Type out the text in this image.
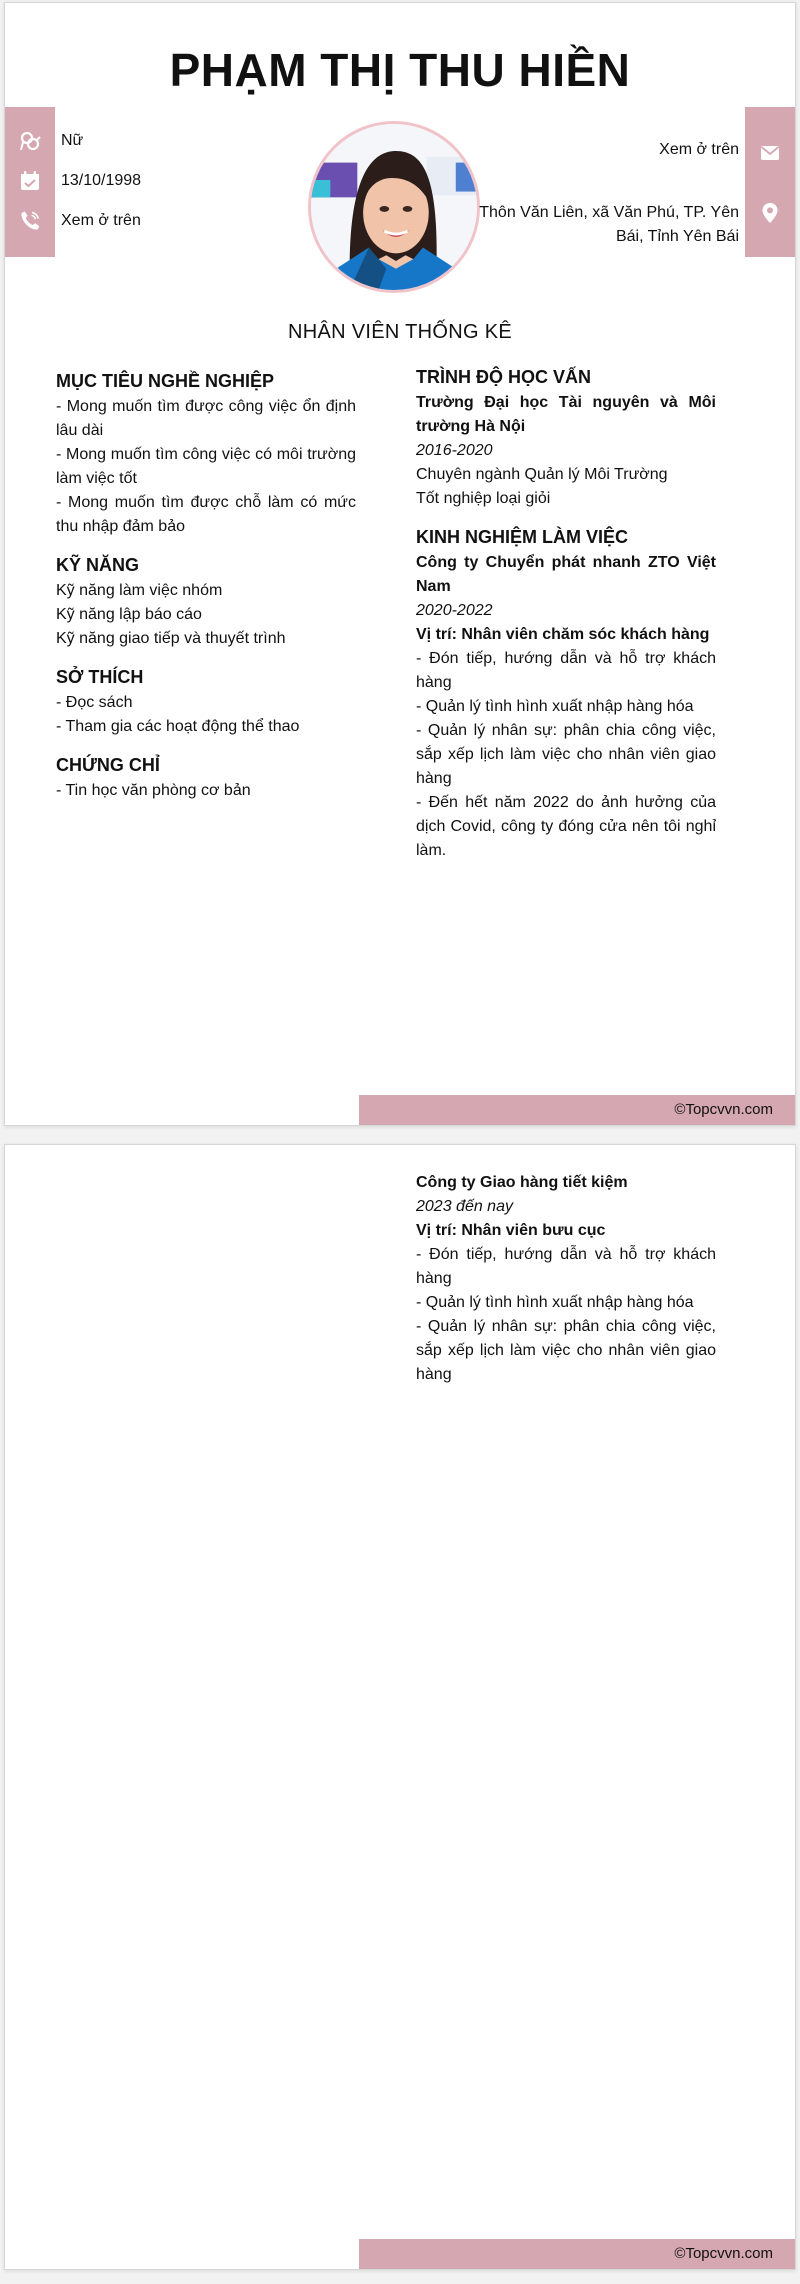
PHẠM THỊ THU HIỀN
Nữ
13/10/1998
Xem ở trên
Xem ở trên
Thôn Văn Liên, xã Văn Phú, TP. Yên
Bái, Tỉnh Yên Bái
NHÂN VIÊN THỐNG KÊ
MỤC TIÊU NGHỀ NGHIỆP

- Mong muốn tìm được công việc ổn định lâu dài

- Mong muốn tìm công việc có môi trường làm việc tốt

- Mong muốn tìm được chỗ làm có mức thu nhập đảm bảo

KỸ NĂNG

Kỹ năng làm việc nhóm

Kỹ năng lập báo cáo

Kỹ năng giao tiếp và thuyết trình

SỞ THÍCH

- Đọc sách

- Tham gia các hoạt động thể thao

CHỨNG CHỈ

- Tin học văn phòng cơ bản

TRÌNH ĐỘ HỌC VẤN

Trường Đại học Tài nguyên và Môi trường Hà Nội

2016-2020

Chuyên ngành Quản lý Môi Trường

Tốt nghiệp loại giỏi

KINH NGHIỆM LÀM VIỆC

Công ty Chuyển phát nhanh ZTO Việt Nam

2020-2022

Vị trí: Nhân viên chăm sóc khách hàng

- Đón tiếp, hướng dẫn và hỗ trợ khách hàng

- Quản lý tình hình xuất nhập hàng hóa

- Quản lý nhân sự: phân chia công việc, sắp xếp lịch làm việc cho nhân viên giao hàng

- Đến hết năm 2022 do ảnh hưởng của dịch Covid, công ty đóng cửa nên tôi nghỉ làm.

©Topcvvn.com

Công ty Giao hàng tiết kiệm

2023 đến nay

Vị trí: Nhân viên bưu cục

- Đón tiếp, hướng dẫn và hỗ trợ khách hàng

- Quản lý tình hình xuất nhập hàng hóa

- Quản lý nhân sự: phân chia công việc, sắp xếp lịch làm việc cho nhân viên giao hàng

©Topcvvn.com
